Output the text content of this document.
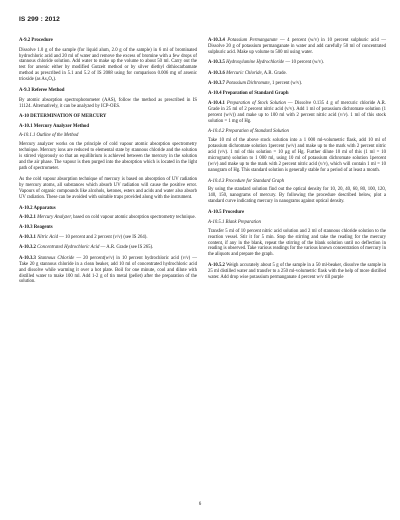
IS 299 : 2012
A-9.2 Procedure

Dissolve 1.0 g of the sample (for liquid alum, 2.0 g of the sample) in 6 ml of brominated hydrochloric acid and 20 ml of water and remove the excess of bromine with a few drops of stannous chloride solution. Add water to make up the volume to about 50 ml. Carry out the test for arsenic either by modified Gutzeit method or by silver diethyl dithiocarbamate method as prescribed in 5.1 and 5.2 of IS 2088 using for comparison 0.006 mg of arsenic trioxide (as As₂O₃).

A-9.3 Referee Method

By atomic absorption spectrophotometer (AAS), follow the method as prescribed in IS 11124. Alternatively, it can be analyzed by ICP-OES.

A-10 DETERMINATION OF MERCURY
A-10.1 Mercury Analyzer Method
A-10.1.1 Outline of the Method

Mercury analyzer works on the principle of cold vapour atomic absorption spectrometry technique. Mercury ions are reduced to elemental state by stannous chloride and the solution is stirred vigorously so that an equilibrium is achieved between the mercury in the solution and the air phase. The vapour is then purged into the absorption which is located in the light path of spectrometer.

As the cold vapour absorption technique of mercury is based on absorption of UV radiation by mercury atoms, all substances which absorb UV radiation will cause the positive error. Vapours of organic compounds like alcohols, ketones, esters and acids and water also absorb UV radiation. These can be avoided with suitable traps provided along with the instrument.

A-10.2 Apparatus
A-10.2.1 Mercury Analyzer, based on cold vapour atomic absorption spectrometry technique.
A-10.3 Reagents
A-10.3.1 Nitric Acid — 10 percent and 2 percent (v/v) (see IS 264).
A-10.3.2 Concentrated Hydrochloric Acid — A.R. Grade (see IS 265).
A-10.3.3 Stannous Chloride — 20 percent(w/v) in 10 percent hydrochloric acid (v/v) — Take 20 g stannous chloride in a clean beaker, add 10 ml of concentrated hydrochloric acid and dissolve while warming it over a hot plate. Boil for one minute, cool and dilute with distilled water to make 100 ml. Add 1-2 g of tin metal (pellet) after the preparation of the solution.
A-10.3.4 Potassium Permanganate — 4 percent (w/v) in 10 percent sulphuric acid — Dissolve 20 g of potassium permanganate in water and add carefully 50 ml of concentrated sulphuric acid. Make up volume to 500 ml using water.
A-10.3.5 Hydroxylamine Hydrochloride — 10 percent (w/v).
A-10.3.6 Mercuric Chloride, A.R. Grade.
A-10.3.7 Potassium Dichromate, 1 percent (w/v).
A-10.4 Preparation of Standard Graph
A-10.4.1 Preparation of Stock Solution — Dissolve 0.135 4 g of mercuric chloride A.R. Grade in 25 ml of 2 percent nitric acid (v/v). Add 1 ml of potassium dichromate solution (1 percent (w/v)) and make up to 100 ml with 2 percent nitric acid (v/v). 1 ml of this stock solution = 1 mg of Hg.
A-10.4.2 Preparation of Standard Solution

Take 10 ml of the above stock solution into a 1 000 ml-volumetric flask, add 10 ml of potassium dichromate solution 1percent (w/v) and make up to the mark with 2 percent nitric acid (v/v). 1 ml of this solution = 10 µg of Hg. Further dilute 10 ml of this (1 ml = 10 microgram) solution to 1 000 ml, using 10 ml of potassium dichromate solution 1percent (w/v) and make up to the mark with 2 percent nitric acid (v/v), which will contain 1 ml = 10 nanogram of Hg. This standard solution is generally stable for a period of at least a month.

A-10.4.3 Procedure for Standard Graph

By using the standard solution find out the optical density for 10, 20, 40, 60, 80, 100, 120, 140, 150, nanograms of mercury. By following the procedure described below, plot a standard curve indicating mercury in nanograms against optical density.

A-10.5 Procedure
A-10.5.1 Blank Preparation

Transfer 5 ml of 10 percent nitric acid solution and 2 ml of stannous chloride solution to the reaction vessel. Stir it for 5 min. Stop the stirring and take the reading for the mercury content, if any in the blank, repeat the stirring of the blank solution until no deflection in reading is observed. Take various readings for the various known concentration of mercury in the aliquots and prepare the graph.

A-10.5.2 Weigh accurately about 5 g of the sample in a 50 ml-beaker, dissolve the sample in 25 ml distilled water and transfer to a 250 ml-volumetric flask with the help of more distilled water. Add drop wise potassium permanganate 4 percent w/v till purple
6
